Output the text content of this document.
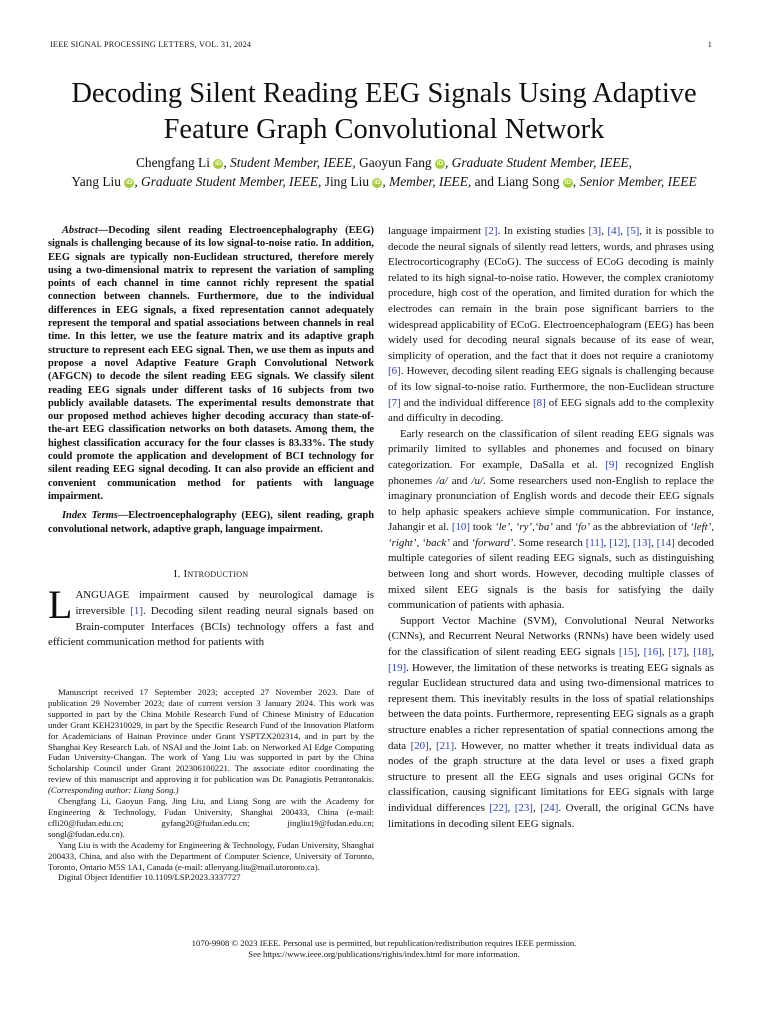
IEEE SIGNAL PROCESSING LETTERS, VOL. 31, 2024	1
Decoding Silent Reading EEG Signals Using Adaptive Feature Graph Convolutional Network
Chengfang Li iD , Student Member, IEEE, Gaoyun Fang iD , Graduate Student Member, IEEE,
Yang Liu iD , Graduate Student Member, IEEE, Jing Liu iD , Member, IEEE, and Liang Song iD , Senior Member, IEEE

Abstract—Decoding silent reading Electroencephalography (EEG) signals is challenging because of its low signal-to-noise ratio. In addition, EEG signals are typically non-Euclidean structured, therefore merely using a two-dimensional matrix to represent the variation of sampling points of each channel in time cannot richly represent the spatial connection between channels. Furthermore, due to the individual differences in EEG signals, a fixed representation cannot adequately represent the temporal and spatial associations between channels in real time. In this letter, we use the feature matrix and its adaptive graph structure to represent each EEG signal. Then, we use them as inputs and propose a novel Adaptive Feature Graph Convolutional Network (AFGCN) to decode the silent reading EEG signals. We classify silent reading EEG signals under different tasks of 16 subjects from two publicly available datasets. The experimental results demonstrate that our proposed method achieves higher decoding accuracy than state-of-the-art EEG classification networks on both datasets. Among them, the highest classification accuracy for the four classes is 83.33%. The study could promote the application and development of BCI technology for silent reading EEG signal decoding. It can also provide an efficient and convenient communication method for patients with language impairment.

Index Terms—Electroencephalography (EEG), silent reading, graph convolutional network, adaptive graph, language impairment.

I. Introduction

LANGUAGE impairment caused by neurological damage is irreversible [1]. Decoding silent reading neural signals based on Brain-computer Interfaces (BCIs) technology offers a fast and efficient communication method for patients with

Manuscript received 17 September 2023; accepted 27 November 2023. Date of publication 29 November 2023; date of current version 3 January 2024. This work was supported in part by the China Mobile Research Fund of Chinese Ministry of Education under Grant KEH2310029, in part by the Specific Research Fund of the Innovation Platform for Academicians of Hainan Province under Grant YSPTZX202314, and in part by the Shanghai Key Research Lab. of NSAI and the Joint Lab. on Networked AI Edge Computing Fudan University-Changan. The work of Yang Liu was supported in part by the China Scholarship Council under Grant 202306100221. The associate editor coordinating the review of this manuscript and approving it for publication was Dr. Panagiotis Petrantonakis. (Corresponding author: Liang Song.)

Chengfang Li, Gaoyun Fang, Jing Liu, and Liang Song are with the Academy for Engineering & Technology, Fudan University, Shanghai 200433, China (e-mail: cfli20@fudan.edu.cn; gyfang20@fudan.edu.cn; jingliu19@fudan.edu.cn; songl@fudan.edu.cn).

Yang Liu is with the Academy for Engineering & Technology, Fudan University, Shanghai 200433, China, and also with the Department of Computer Science, University of Toronto, Toronto, Ontario M5S 1A1, Canada (e-mail: allenyang.liu@mail.utoronto.ca).

Digital Object Identifier 10.1109/LSP.2023.3337727

language impairment [2]. In existing studies [3], [4], [5], it is possible to decode the neural signals of silently read letters, words, and phrases using Electrocorticography (ECoG). The success of ECoG decoding is mainly related to its high signal-to-noise ratio. However, the complex craniotomy procedure, high cost of the operation, and limited duration for which the electrodes can remain in the brain pose significant barriers to the widespread applicability of ECoG. Electroencephalogram (EEG) has been widely used for decoding neural signals because of its ease of wear, simplicity of operation, and the fact that it does not require a craniotomy [6]. However, decoding silent reading EEG signals is challenging because of its low signal-to-noise ratio. Furthermore, the non-Euclidean structure [7] and the individual difference [8] of EEG signals add to the complexity and difficulty in decoding.

Early research on the classification of silent reading EEG signals was primarily limited to syllables and phonemes and focused on binary categorization. For example, DaSalla et al. [9] recognized English phonemes /a/ and /u/. Some researchers used non-English to replace the imaginary pronunciation of English words and decode their EEG signals to help aphasic speakers achieve simple communication. For instance, Jahangir et al. [10] took ‘le’, ‘ry’,‘ba’ and ‘fo’ as the abbreviation of ‘left’, ‘right’, ‘back’ and ‘forward’. Some research [11], [12], [13], [14] decoded multiple categories of silent reading EEG signals, such as distinguishing between long and short words. However, decoding multiple classes of mixed silent EEG signals is the basis for satisfying the daily communication of patients with aphasia.

Support Vector Machine (SVM), Convolutional Neural Networks (CNNs), and Recurrent Neural Networks (RNNs) have been widely used for the classification of silent reading EEG signals [15], [16], [17], [18], [19]. However, the limitation of these networks is treating EEG signals as regular Euclidean structured data and using two-dimensional matrices to represent them. This inevitably results in the loss of spatial relationships between the data points. Furthermore, representing EEG signals as a graph structure enables a richer representation of spatial connections among the data [20], [21]. However, no matter whether it treats individual data as nodes of the graph structure at the data level or uses a fixed graph structure to present all the EEG signals and uses original GCNs for classification, causing significant limitations for EEG signals with large individual differences [22], [23], [24]. Overall, the original GCNs have limitations in decoding silent EEG signals.

1070-9908 © 2023 IEEE. Personal use is permitted, but republication/redistribution requires IEEE permission.
See https://www.ieee.org/publications/rights/index.html for more information.
